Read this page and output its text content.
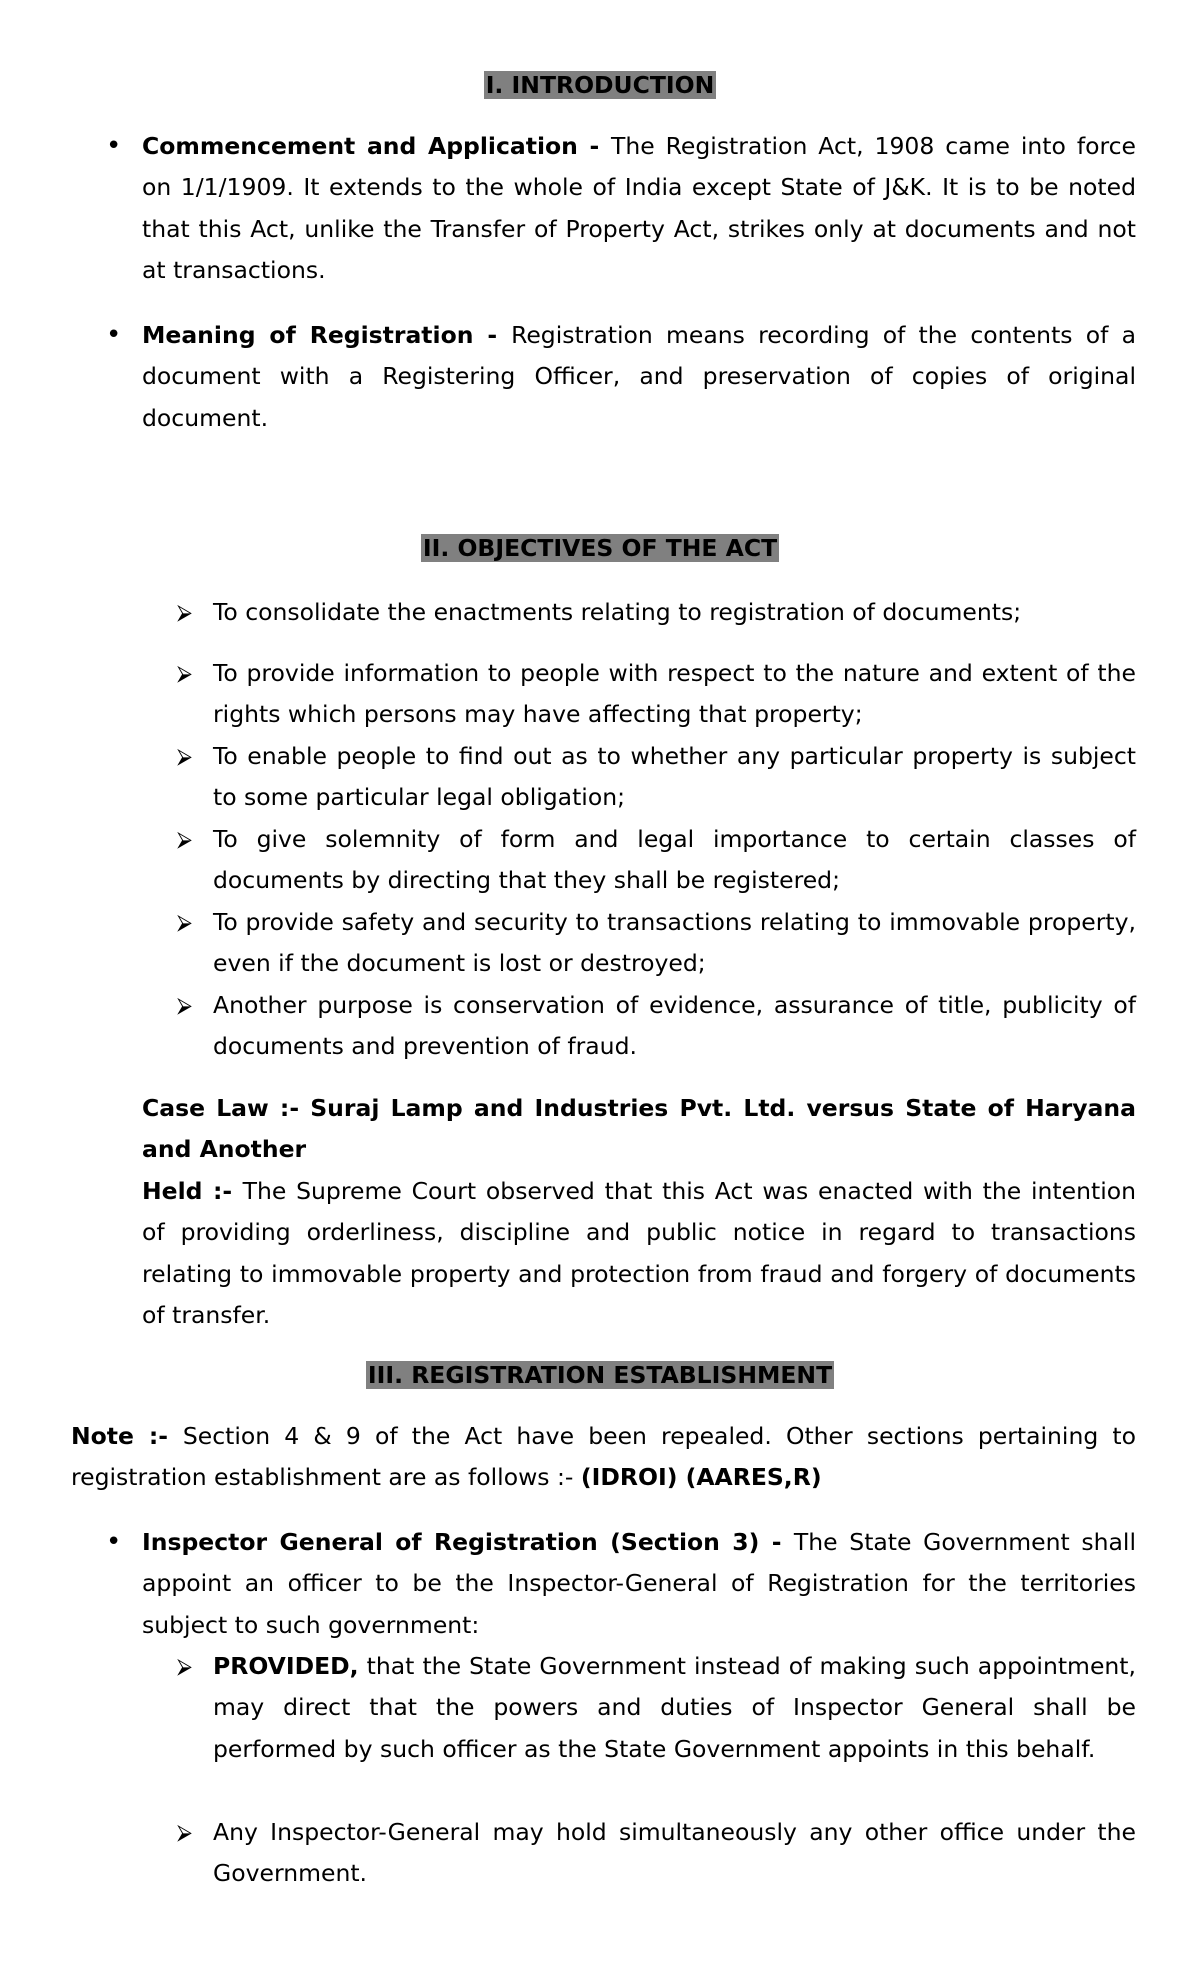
I. INTRODUCTION
• Commencement and Application - The Registration Act, 1908 came into force on 1/1/1909. It extends to the whole of India except State of J&K. It is to be noted that this Act, unlike the Transfer of Property Act, strikes only at documents and not at transactions.

• Meaning of Registration - Registration means recording of the contents of a document with a Registering Officer, and preservation of copies of original document.

II. OBJECTIVES OF THE ACT
⮚ To consolidate the enactments relating to registration of documents;

⮚ To provide information to people with respect to the nature and extent of the rights which persons may have affecting that property;

⮚ To enable people to find out as to whether any particular property is subject to some particular legal obligation;

⮚ To give solemnity of form and legal importance to certain classes of documents by directing that they shall be registered;

⮚ To provide safety and security to transactions relating to immovable property, even if the document is lost or destroyed;

⮚ Another purpose is conservation of evidence, assurance of title, publicity of documents and prevention of fraud.

Case Law :- Suraj Lamp and Industries Pvt. Ltd. versus State of Haryana and Another

Held :- The Supreme Court observed that this Act was enacted with the intention of providing orderliness, discipline and public notice in regard to transactions relating to immovable property and protection from fraud and forgery of documents of transfer.

III. REGISTRATION ESTABLISHMENT

Note :- Section 4 & 9 of the Act have been repealed. Other sections pertaining to registration establishment are as follows :- (IDROI) (AARES,R)

• Inspector General of Registration (Section 3) - The State Government shall appoint an officer to be the Inspector-General of Registration for the territories subject to such government:

⮚ PROVIDED, that the State Government instead of making such appointment, may direct that the powers and duties of Inspector General shall be performed by such officer as the State Government appoints in this behalf.

⮚ Any Inspector-General may hold simultaneously any other office under the Government.
